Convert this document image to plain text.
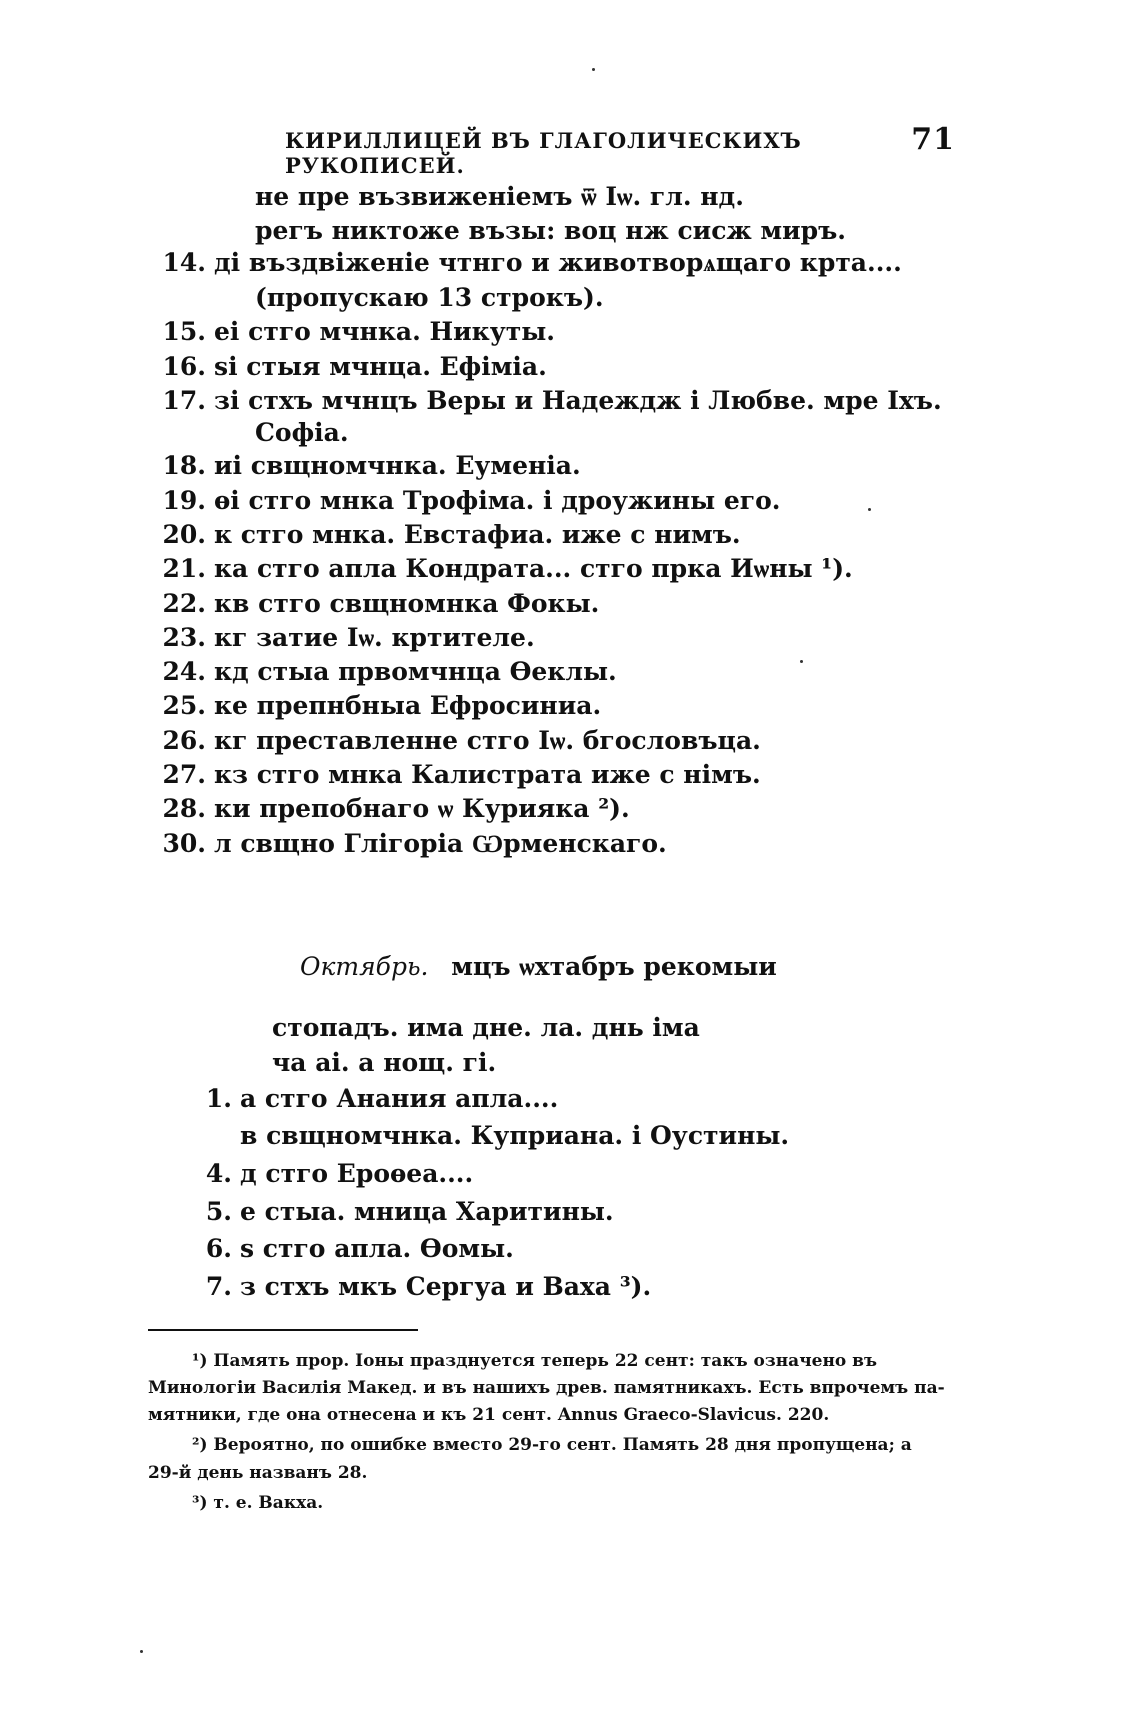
КИРИЛЛИЦЕЙ ВЪ ГЛАГОЛИЧЕСКИХЪ РУКОПИСЕЙ.
71
не пре възвиженіемъ ѿ Іѡ. гл. нд.
регъ никтоже възы: воц нж сисж миръ.
14. ді въздвіженіе чтнго и животворѧщаго крта....
(пропускаю 13 строкъ).
15. еі стго мчнка. Никуты.
16. ѕі стыя мчнца. Ефіміа.
17. зі стхъ мчнцъ Веры и Надеждж і Любве. мре Іхъ.
Софіа.
18. иі свщномчнка. Еуменіа.
19. ѳі стго мнка Трофіма. і дроужины его.
20. к стго мнка. Евстафиа. иже с нимъ.
21. ка стго апла Кондрата... стго прка Иѡны ¹).
22. кв стго свщномнка Фокы.
23. кг затие Іѡ. кртителе.
24. кд стыа првомчнца Ѳеклы.
25. ке препнбныа Ефросиниа.
26. кг преставленне стго Іѡ. бгословъца.
27. кз стго мнка Калистрата иже с німъ.
28. ки препобнаго ѡ Курияка ²).
30. л свщно Глігоріа Ѡрменскаго.
Октябрь. мцъ ѡхтабръ рекомыи
стопадъ. има дне. ла. днь іма
ча аі. а нощ. гі.
1. а стго Анания апла....
в свщномчнка. Куприана. і Оустины.
4. д стго Ероѳеа....
5. е стыа. мница Харитины.
6. ѕ стго апла. Ѳомы.
7. з стхъ мкъ Сергуа и Ваха ³).
¹) Память прор. Іоны празднуется теперь 22 сент: такъ означено въ
Минологіи Василія Макед. и въ нашихъ древ. памятникахъ. Есть впрочемъ па-
мятники, где она отнесена и къ 21 сент. Annus Graeco-Slavicus. 220.
²) Вероятно, по ошибке вместо 29-го сент. Память 28 дня пропущена; а
29-й день названъ 28.
³) т. е. Вакха.
